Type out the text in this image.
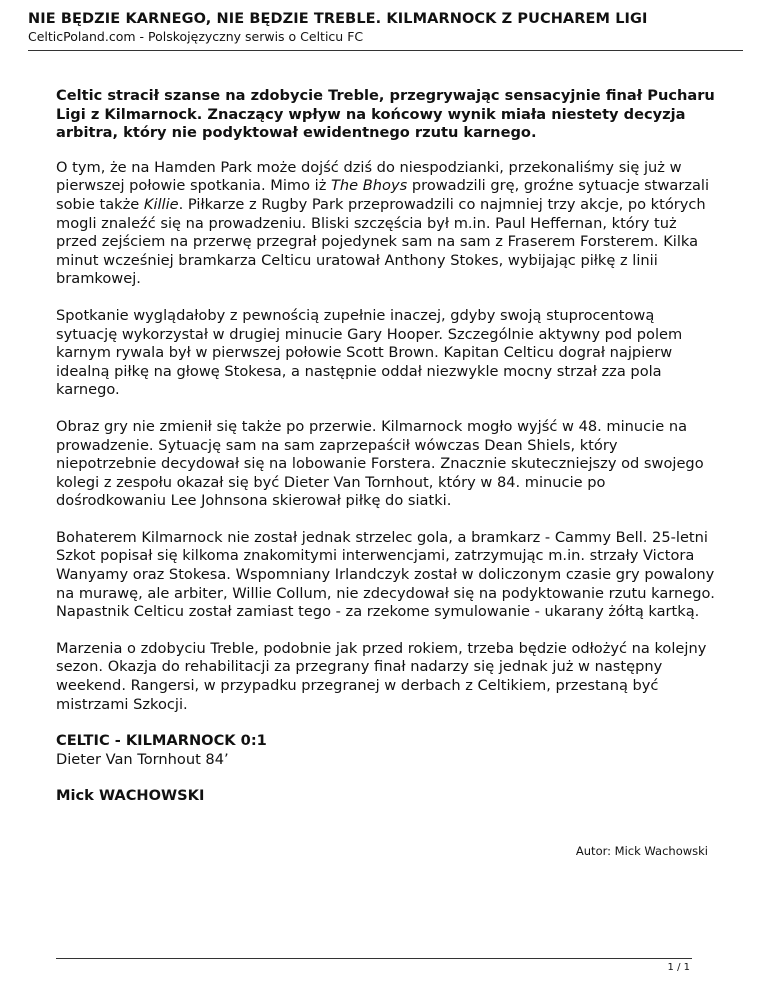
NIE BĘDZIE KARNEGO, NIE BĘDZIE TREBLE. KILMARNOCK Z PUCHAREM LIGI
CelticPoland.com - Polskojęzyczny serwis o Celticu FC

Celtic stracił szanse na zdobycie Treble, przegrywając sensacyjnie finał Pucharu Ligi z Kilmarnock. Znaczący wpływ na końcowy wynik miała niestety decyzja arbitra, który nie podyktował ewidentnego rzutu karnego.

O tym, że na Hamden Park może dojść dziś do niespodzianki, przekonaliśmy się już w pierwszej połowie spotkania. Mimo iż The Bhoys prowadzili grę, groźne sytuacje stwarzali sobie także Killie. Piłkarze z Rugby Park przeprowadzili co najmniej trzy akcje, po których mogli znaleźć się na prowadzeniu. Bliski szczęścia był m.in. Paul Heffernan, który tuż przed zejściem na przerwę przegrał pojedynek sam na sam z Fraserem Forsterem. Kilka minut wcześniej bramkarza Celticu uratował Anthony Stokes, wybijając piłkę z linii bramkowej.

Spotkanie wyglądałoby z pewnością zupełnie inaczej, gdyby swoją stuprocentową sytuację wykorzystał w drugiej minucie Gary Hooper. Szczególnie aktywny pod polem karnym rywala był w pierwszej połowie Scott Brown. Kapitan Celticu dograł najpierw idealną piłkę na głowę Stokesa, a następnie oddał niezwykle mocny strzał zza pola karnego.

Obraz gry nie zmienił się także po przerwie. Kilmarnock mogło wyjść w 48. minucie na prowadzenie. Sytuację sam na sam zaprzepaścił wówczas Dean Shiels, który niepotrzebnie decydował się na lobowanie Forstera. Znacznie skuteczniejszy od swojego kolegi z zespołu okazał się być Dieter Van Tornhout, który w 84. minucie po dośrodkowaniu Lee Johnsona skierował piłkę do siatki.

Bohaterem Kilmarnock nie został jednak strzelec gola, a bramkarz - Cammy Bell. 25-letni Szkot popisał się kilkoma znakomitymi interwencjami, zatrzymując m.in. strzały Victora Wanyamy oraz Stokesa. Wspomniany Irlandczyk został w doliczonym czasie gry powalony na murawę, ale arbiter, Willie Collum, nie zdecydował się na podyktowanie rzutu karnego. Napastnik Celticu został zamiast tego - za rzekome symulowanie - ukarany żółtą kartką.

Marzenia o zdobyciu Treble, podobnie jak przed rokiem, trzeba będzie odłożyć na kolejny sezon. Okazja do rehabilitacji za przegrany finał nadarzy się jednak już w następny weekend. Rangersi, w przypadku przegranej w derbach z Celtikiem, przestaną być mistrzami Szkocji.

CELTIC - KILMARNOCK 0:1

Dieter Van Tornhout 84’

Mick WACHOWSKI

Autor: Mick Wachowski
1 / 1
